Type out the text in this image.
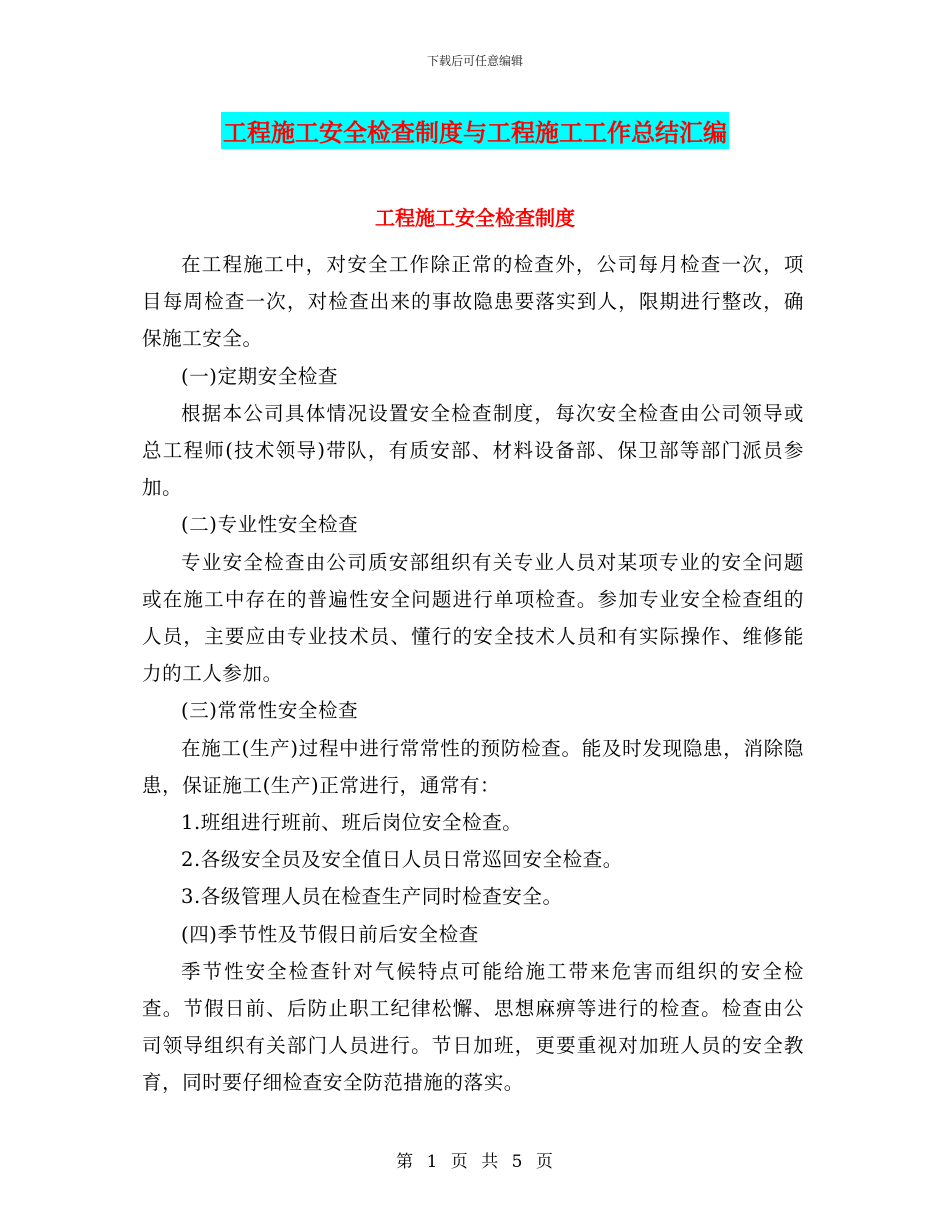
下载后可任意编辑
工程施工安全检查制度与工程施工工作总结汇编
工程施工安全检查制度

在工程施工中，对安全工作除正常的检查外，公司每月检查一次，项目每周检查一次，对检查出来的事故隐患要落实到人，限期进行整改，确保施工安全。

(一)定期安全检查

根据本公司具体情况设置安全检查制度，每次安全检查由公司领导或总工程师(技术领导)带队，有质安部、材料设备部、保卫部等部门派员参加。

(二)专业性安全检查

专业安全检查由公司质安部组织有关专业人员对某项专业的安全问题或在施工中存在的普遍性安全问题进行单项检查。参加专业安全检查组的人员，主要应由专业技术员、懂行的安全技术人员和有实际操作、维修能力的工人参加。

(三)常常性安全检查

在施工(生产)过程中进行常常性的预防检查。能及时发现隐患，消除隐患，保证施工(生产)正常进行，通常有：

1.班组进行班前、班后岗位安全检查。

2.各级安全员及安全值日人员日常巡回安全检查。

3.各级管理人员在检查生产同时检查安全。

(四)季节性及节假日前后安全检查

季节性安全检查针对气候特点可能给施工带来危害而组织的安全检查。节假日前、后防止职工纪律松懈、思想麻痹等进行的检查。检查由公司领导组织有关部门人员进行。节日加班，更要重视对加班人员的安全教育，同时要仔细检查安全防范措施的落实。

第 1 页 共 5 页
